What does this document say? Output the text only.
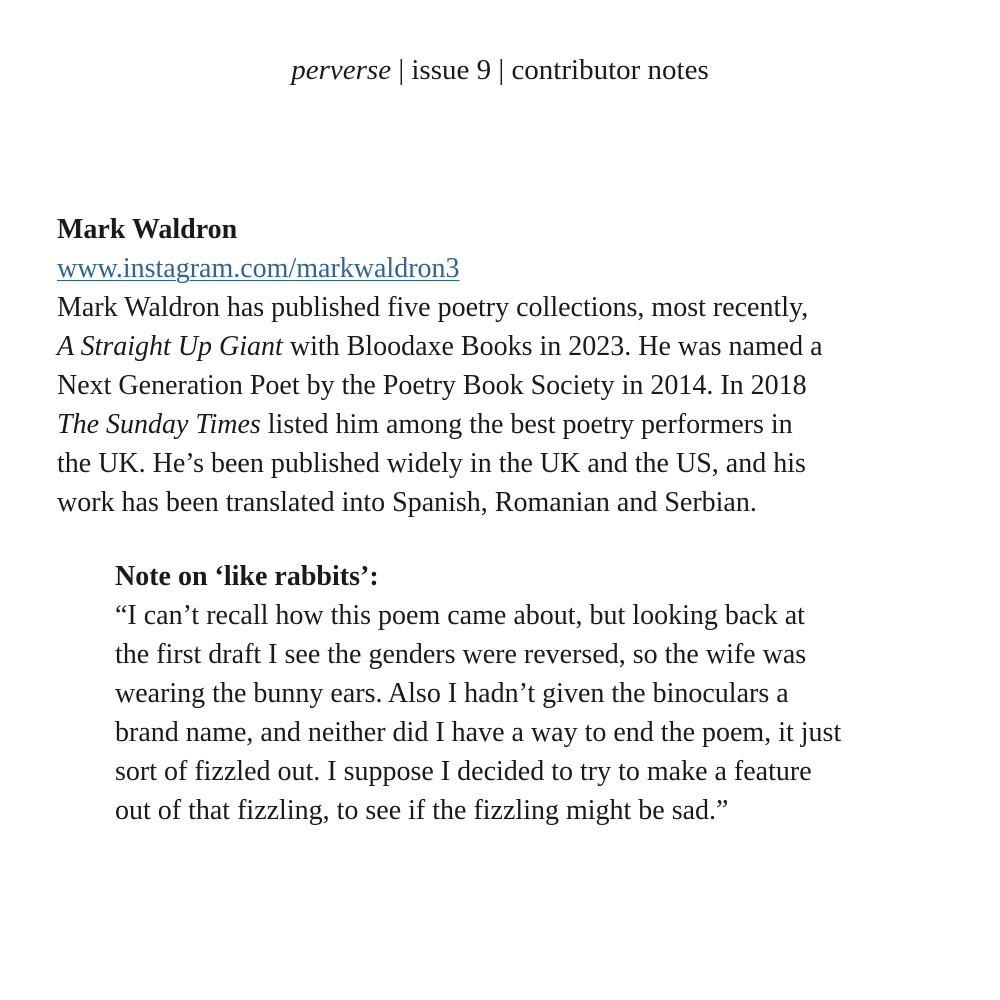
perverse | issue 9 | contributor notes
Mark Waldron
www.instagram.com/markwaldron3
Mark Waldron has published five poetry collections, most recently,
A Straight Up Giant with Bloodaxe Books in 2023. He was named a
Next Generation Poet by the Poetry Book Society in 2014. In 2018
The Sunday Times listed him among the best poetry performers in
the UK. He’s been published widely in the UK and the US, and his
work has been translated into Spanish, Romanian and Serbian.
Note on ‘like rabbits’:
“I can’t recall how this poem came about, but looking back at
the first draft I see the genders were reversed, so the wife was
wearing the bunny ears. Also I hadn’t given the binoculars a
brand name, and neither did I have a way to end the poem, it just
sort of fizzled out. I suppose I decided to try to make a feature
out of that fizzling, to see if the fizzling might be sad.”
